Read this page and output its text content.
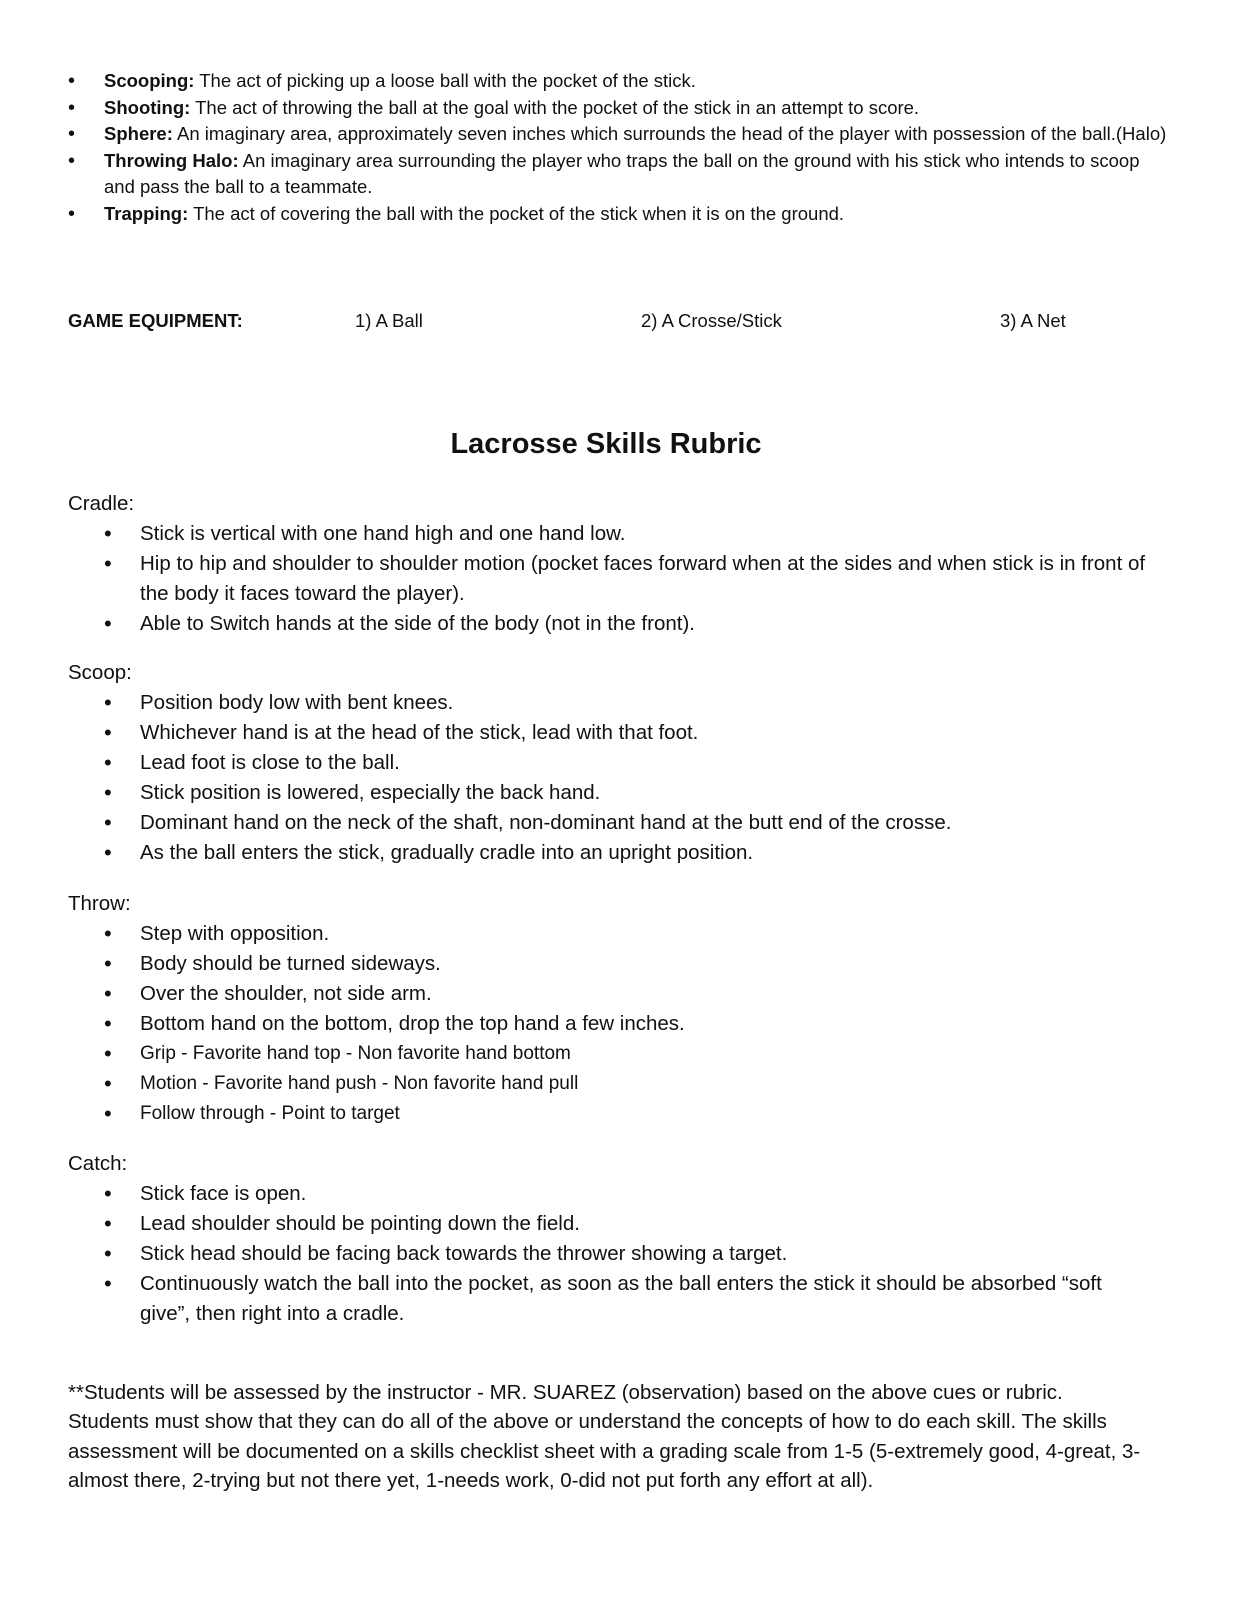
• Scooping: The act of picking up a loose ball with the pocket of the stick.
• Shooting: The act of throwing the ball at the goal with the pocket of the stick in an attempt to score.
• Sphere: An imaginary area, approximately seven inches which surrounds the head of the player with possession of the ball.(Halo)
• Throwing Halo: An imaginary area surrounding the player who traps the ball on the ground with his stick who intends to scoop and pass the ball to a teammate.
• Trapping: The act of covering the ball with the pocket of the stick when it is on the ground.
GAME EQUIPMENT:	1) A Ball	2) A Crosse/Stick	3) A Net
Lacrosse Skills Rubric
Cradle:
• Stick is vertical with one hand high and one hand low.
• Hip to hip and shoulder to shoulder motion (pocket faces forward when at the sides and when stick is in front of the body it faces toward the player).
• Able to Switch hands at the side of the body (not in the front).
Scoop:
• Position body low with bent knees.
• Whichever hand is at the head of the stick, lead with that foot.
• Lead foot is close to the ball.
• Stick position is lowered, especially the back hand.
• Dominant hand on the neck of the shaft, non-dominant hand at the butt end of the crosse.
• As the ball enters the stick, gradually cradle into an upright position.
Throw:
• Step with opposition.
• Body should be turned sideways.
• Over the shoulder, not side arm.
• Bottom hand on the bottom, drop the top hand a few inches.
• Grip - Favorite hand top - Non favorite hand bottom
• Motion - Favorite hand push - Non favorite hand pull
• Follow through - Point to target
Catch:
• Stick face is open.
• Lead shoulder should be pointing down the field.
• Stick head should be facing back towards the thrower showing a target.
• Continuously watch the ball into the pocket, as soon as the ball enters the stick it should be absorbed “soft give”, then right into a cradle.

**Students will be assessed by the instructor - MR. SUAREZ (observation) based on the above cues or rubric. Students must show that they can do all of the above or understand the concepts of how to do each skill. The skills assessment will be documented on a skills checklist sheet with a grading scale from 1-5 (5-extremely good, 4-great, 3-almost there, 2-trying but not there yet, 1-needs work, 0-did not put forth any effort at all).
